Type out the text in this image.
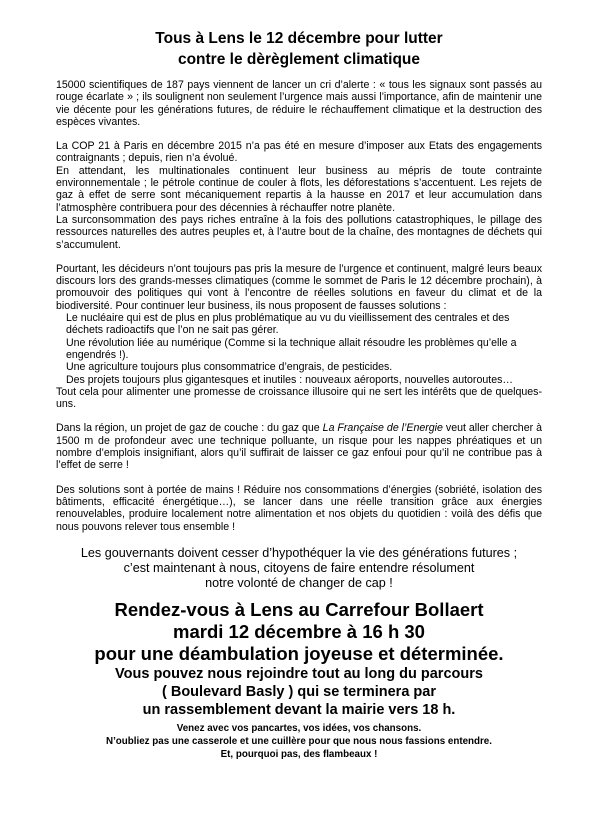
Tous à Lens le 12 décembre pour lutter
contre le dèrèglement climatique

15000 scientifiques de 187 pays viennent de lancer un cri d’alerte : « tous les signaux sont passés au rouge écarlate » ; ils soulignent non seulement l’urgence mais aussi l’importance, afin de maintenir une vie décente pour les générations futures, de réduire le réchauffement climatique et la destruction des espèces vivantes.

La COP 21 à Paris en décembre 2015 n’a pas été en mesure d’imposer aux Etats des engagements contraignants ; depuis, rien n’a évolué.

En attendant, les multinationales continuent leur business au mépris de toute contrainte environnementale ; le pétrole continue de couler à flots, les déforestations s’accentuent. Les rejets de gaz à effet de serre sont mécaniquement repartis à la hausse en 2017 et leur accumulation dans l’atmosphère contribuera pour des décennies à réchauffer notre planète.

La surconsommation des pays riches entraîne à la fois des pollutions catastrophiques, le pillage des ressources naturelles des autres peuples et, à l’autre bout de la chaîne, des montagnes de déchets qui s’accumulent.

Pourtant, les décideurs n’ont toujours pas pris la mesure de l’urgence et continuent, malgré leurs beaux discours lors des grands-messes climatiques (comme le sommet de Paris le 12 décembre prochain), à promouvoir des politiques qui vont à l’encontre de réelles solutions en faveur du climat et de la biodiversité. Pour continuer leur business, ils nous proposent de fausses solutions :

Le nucléaire qui est de plus en plus problématique au vu du vieillissement des centrales et des déchets radioactifs que l’on ne sait pas gérer.

Une révolution liée au numérique (Comme si la technique allait résoudre les problèmes qu’elle a engendrés !).

Une agriculture toujours plus consommatrice d’engrais, de pesticides.

Des projets toujours plus gigantesques et inutiles : nouveaux aéroports, nouvelles autoroutes…

Tout cela pour alimenter une promesse de croissance illusoire qui ne sert les intérêts que de quelques-uns.

Dans la région, un projet de gaz de couche : du gaz que La Française de l’Energie veut aller chercher à 1500 m de profondeur avec une technique polluante, un risque pour les nappes phréatiques et un nombre d’emplois insignifiant, alors qu’il suffirait de laisser ce gaz enfoui pour qu’il ne contribue pas à l’effet de serre !

Des solutions sont à portée de mains ! Réduire nos consommations d’énergies (sobriété, isolation des bâtiments, efficacité énergétique…), se lancer dans une réelle transition grâce aux énergies renouvelables, produire localement notre alimentation et nos objets du quotidien : voilà des défis que nous pouvons relever tous ensemble !

Les gouvernants doivent cesser d’hypothéquer la vie des générations futures ;
c’est maintenant à nous, citoyens de faire entendre résolument
notre volonté de changer de cap !
Rendez-vous à Lens au Carrefour Bollaert
mardi 12 décembre à 16 h 30
pour une déambulation joyeuse et déterminée.
Vous pouvez nous rejoindre tout au long du parcours
( Boulevard Basly ) qui se terminera par
un rassemblement devant la mairie vers 18 h.
Venez avec vos pancartes, vos idées, vos chansons.
N’oubliez pas une casserole et une cuillère pour que nous nous fassions entendre.
Et, pourquoi pas, des flambeaux !
